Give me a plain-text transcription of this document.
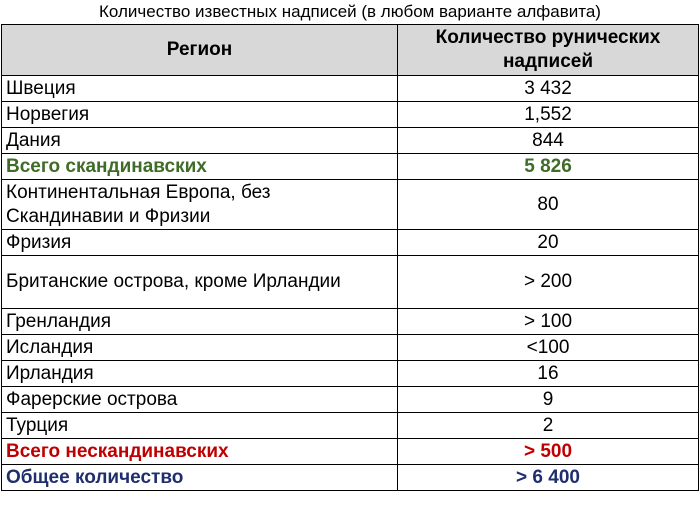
Количество известных надписей (в любом варианте алфавита)
Регион	Количество рунических надписей
Швеция	3 432
Норвегия	1,552
Дания	844
Всего скандинавских	5 826
Континентальная Европа, без Скандинавии и Фризии	80
Фризия	20
Британские острова, кроме Ирландии	> 200
Гренландия	> 100
Исландия	<100
Ирландия	16
Фарерские острова	9
Турция	2
Всего нескандинавских	> 500
Общее количество	> 6 400
